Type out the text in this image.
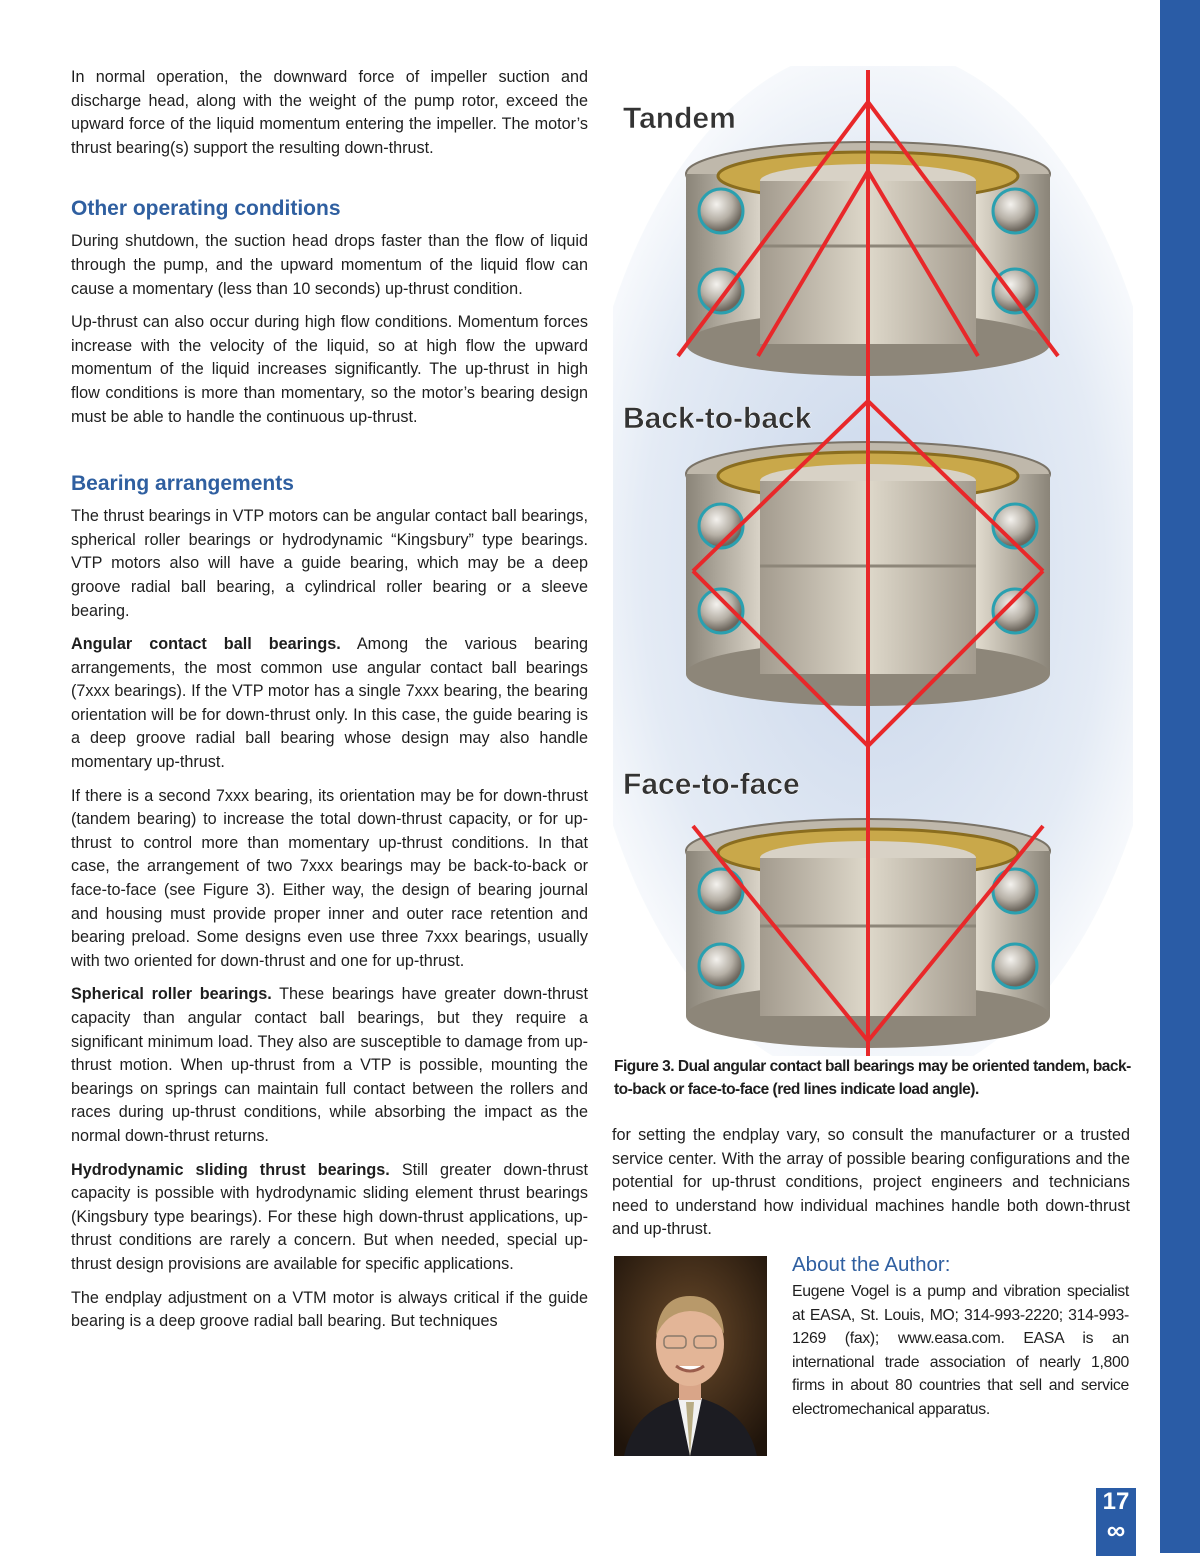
In normal operation, the downward force of impeller suction and discharge head, along with the weight of the pump rotor, exceed the upward force of the liquid momentum entering the impeller. The motor’s thrust bearing(s) support the resulting down-thrust.

Other operating conditions

During shutdown, the suction head drops faster than the flow of liquid through the pump, and the upward momentum of the liquid flow can cause a momentary (less than 10 seconds) up-thrust condition.

Up-thrust can also occur during high flow conditions. Momentum forces increase with the velocity of the liquid, so at high flow the upward momentum of the liquid increases significantly. The up-thrust in high flow conditions is more than momentary, so the motor’s bearing design must be able to handle the continuous up-thrust.

Bearing arrangements

The thrust bearings in VTP motors can be angular contact ball bearings, spherical roller bearings or hydrodynamic “Kingsbury” type bearings. VTP motors also will have a guide bearing, which may be a deep groove radial ball bearing, a cylindrical roller bearing or a sleeve bearing.

Angular contact ball bearings. Among the various bearing arrangements, the most common use angular contact ball bearings (7xxx bearings). If the VTP motor has a single 7xxx bearing, the bearing orientation will be for down-thrust only. In this case, the guide bearing is a deep groove radial ball bearing whose design may also handle momentary up-thrust.

If there is a second 7xxx bearing, its orientation may be for down-thrust (tandem bearing) to increase the total down-thrust capacity, or for up-thrust to control more than momentary up-thrust conditions. In that case, the arrangement of two 7xxx bearings may be back-to-back or face-to-face (see Figure 3). Either way, the design of bearing journal and housing must provide proper inner and outer race retention and bearing preload. Some designs even use three 7xxx bearings, usually with two oriented for down-thrust and one for up-thrust.

Spherical roller bearings. These bearings have greater down-thrust capacity than angular contact ball bearings, but they require a significant minimum load. They also are susceptible to damage from up-thrust motion. When up-thrust from a VTP is possible, mounting the bearings on springs can maintain full contact between the rollers and races during up-thrust conditions, while absorbing the impact as the normal down-thrust returns.

Hydrodynamic sliding thrust bearings. Still greater down-thrust capacity is possible with hydrodynamic sliding element thrust bearings (Kingsbury type bearings). For these high down-thrust applications, up-thrust conditions are rarely a concern. But when needed, special up-thrust design provisions are available for specific applications.

The endplay adjustment on a VTM motor is always critical if the guide bearing is a deep groove radial ball bearing. But techniques

Tandem
Back-to-back
Face-to-face
Figure 3. Dual angular contact ball bearings may be oriented tandem, back-to-back or face-to-face (red lines indicate load angle).

for setting the endplay vary, so consult the manufacturer or a trusted service center. With the array of possible bearing configurations and the potential for up-thrust conditions, project engineers and technicians need to understand how individual machines handle both down-thrust and up-thrust.

About the Author:

Eugene Vogel is a pump and vibration specialist at EASA, St. Louis, MO; 314-993-2220; 314-993-1269 (fax); www.easa.com. EASA is an international trade association of nearly 1,800 firms in about 80 countries that sell and service electromechanical apparatus.

17
∞
